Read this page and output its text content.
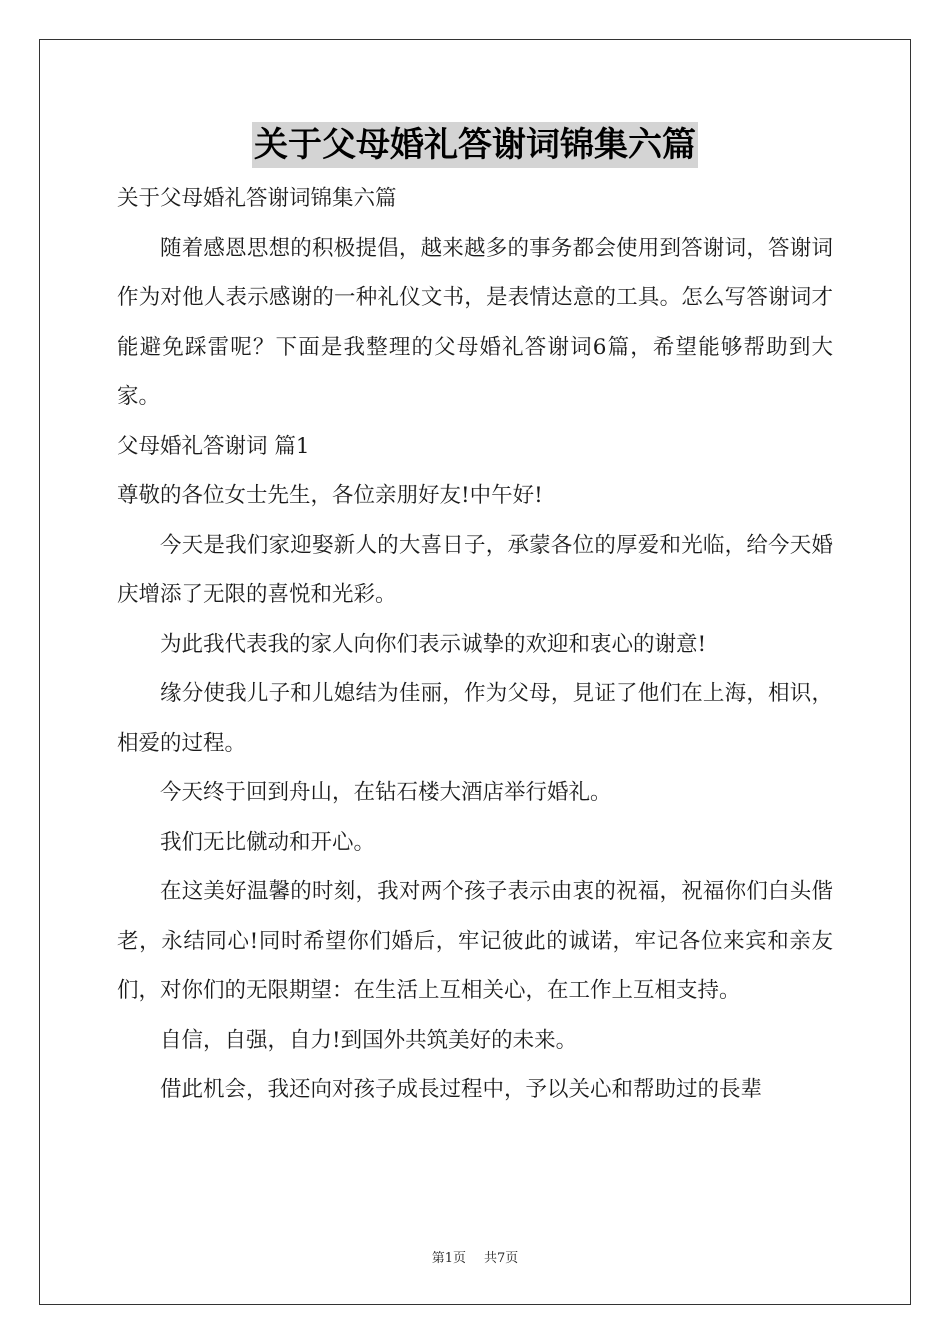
关于父母婚礼答谢词锦集六篇

关于父母婚礼答谢词锦集六篇

随着感恩思想的积极提倡，越来越多的事务都会使用到答谢词，答谢词作为对他人表示感谢的一种礼仪文书，是表情达意的工具。怎么写答谢词才能避免踩雷呢？下面是我整理的父母婚礼答谢词6篇，希望能够帮助到大家。

父母婚礼答谢词 篇1

尊敬的各位女士先生，各位亲朋好友!中午好!

今天是我们家迎娶新人的大喜日子，承蒙各位的厚爱和光临，给今天婚庆增添了无限的喜悦和光彩。

为此我代表我的家人向你们表示诚挚的欢迎和衷心的谢意!

缘分使我儿子和儿媳结为佳丽，作为父母，見证了他们在上海，相识，相爱的过程。

今天终于回到舟山，在钻石楼大酒店举行婚礼。

我们无比僦动和开心。

在这美好温馨的时刻，我对两个孩子表示由衷的祝福，祝福你们白头偕老，永结同心!同时希望你们婚后，牢记彼此的诚诺，牢记各位来宾和亲友们，对你们的无限期望：在生活上互相关心，在工作上互相支持。

自信，自强，自力!到国外共筑美好的未来。

借此机会，我还向对孩子成長过程中，予以关心和帮助过的長辈

第1页 共7页
